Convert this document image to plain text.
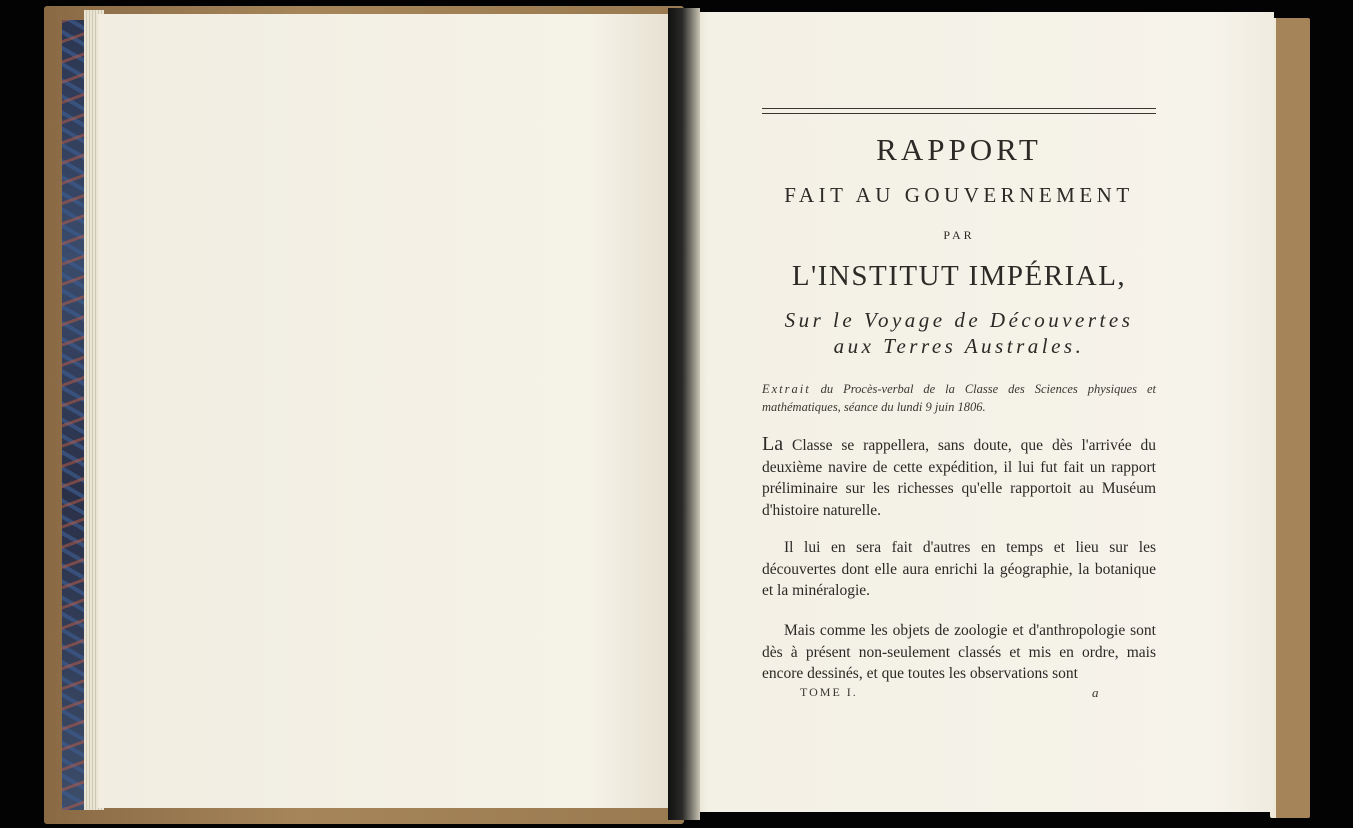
RAPPORT
FAIT AU GOUVERNEMENT
PAR
L'INSTITUT IMPÉRIAL,
Sur le Voyage de Découvertes
aux Terres Australes.
Extrait du Procès-verbal de la Classe des Sciences physiques et mathématiques, séance du lundi 9 juin 1806.
La Classe se rappellera, sans doute, que dès l'arrivée du deuxième navire de cette expédition, il lui fut fait un rapport préliminaire sur les richesses qu'elle rapportoit au Muséum d'histoire naturelle.
Il lui en sera fait d'autres en temps et lieu sur les découvertes dont elle aura enrichi la géographie, la botanique et la minéralogie.
Mais comme les objets de zoologie et d'anthropologie sont dès à présent non-seulement classés et mis en ordre, mais encore dessinés, et que toutes les observations sont
TOME I.	a
